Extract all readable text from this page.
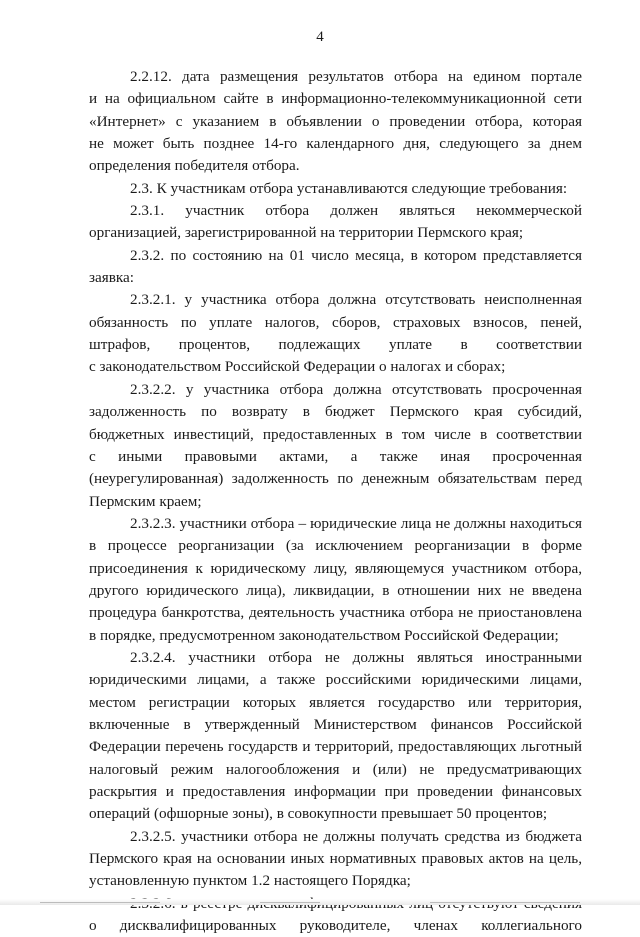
4
2.2.12. дата размещения результатов отбора на едином портале
и на официальном сайте в информационно-телекоммуникационной сети
«Интернет» с указанием в объявлении о проведении отбора, которая
не может быть позднее 14-го календарного дня, следующего за днем
определения победителя отбора.
2.3. К участникам отбора устанавливаются следующие требования:
2.3.1. участник отбора должен являться некоммерческой
организацией, зарегистрированной на территории Пермского края;
2.3.2. по состоянию на 01 число месяца, в котором представляется
заявка:
2.3.2.1. у участника отбора должна отсутствовать неисполненная
обязанность по уплате налогов, сборов, страховых взносов, пеней,
штрафов, процентов, подлежащих уплате в соответствии
с законодательством Российской Федерации о налогах и сборах;
2.3.2.2. у участника отбора должна отсутствовать просроченная
задолженность по возврату в бюджет Пермского края субсидий,
бюджетных инвестиций, предоставленных в том числе в соответствии
с иными правовыми актами, а также иная просроченная
(неурегулированная) задолженность по денежным обязательствам перед
Пермским краем;
2.3.2.3. участники отбора – юридические лица не должны находиться
в процессе реорганизации (за исключением реорганизации в форме
присоединения к юридическому лицу, являющемуся участником отбора,
другого юридического лица), ликвидации, в отношении них не введена
процедура банкротства, деятельность участника отбора не приостановлена
в порядке, предусмотренном законодательством Российской Федерации;
2.3.2.4. участники отбора не должны являться иностранными
юридическими лицами, а также российскими юридическими лицами,
местом регистрации которых является государство или территория,
включенные в утвержденный Министерством финансов Российской
Федерации перечень государств и территорий, предоставляющих льготный
налоговый режим налогообложения и (или) не предусматривающих
раскрытия и предоставления информации при проведении финансовых
операций (офшорные зоны), в совокупности превышает 50 процентов;
2.3.2.5. участники отбора не должны получать средства из бюджета
Пермского края на основании иных нормативных правовых актов на цель,
установленную пунктом 1.2 настоящего Порядка;
о дисквалифицированных руководителе, членах коллегиального
